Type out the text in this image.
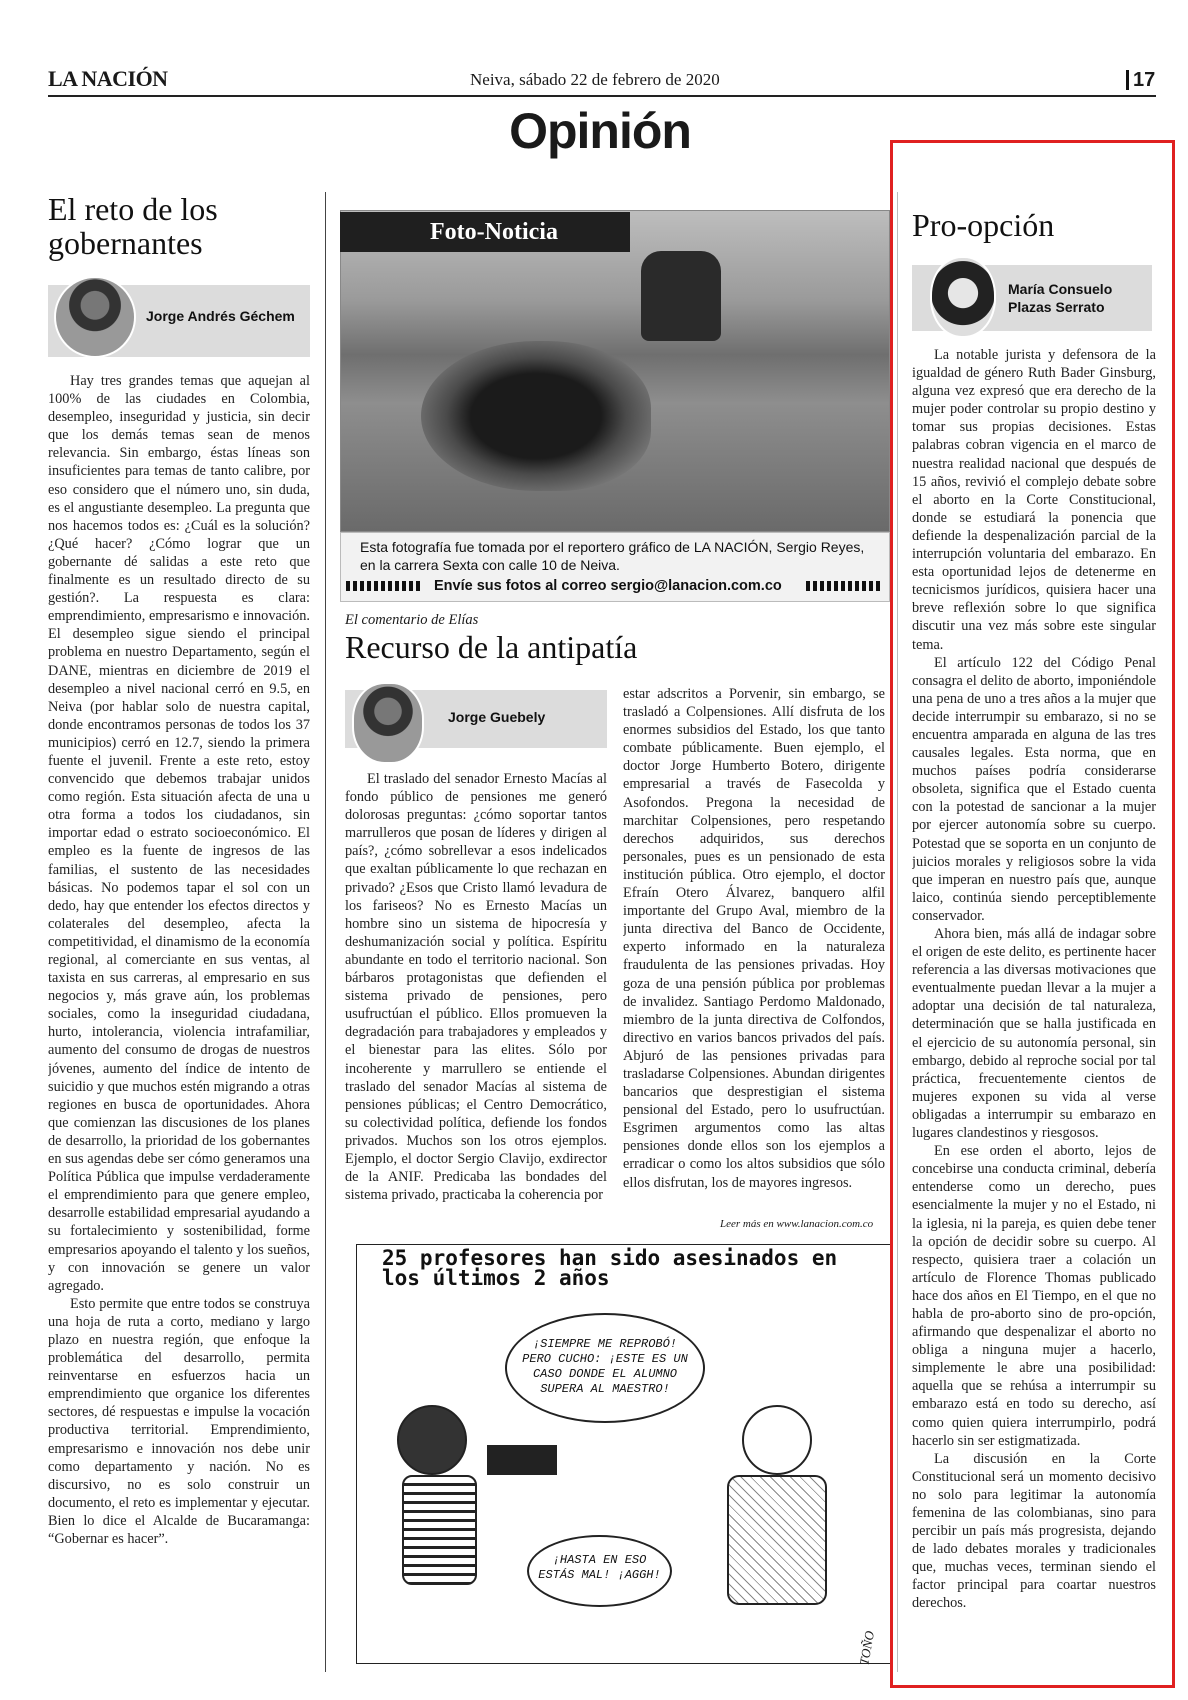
LA NACIÓN	Neiva, sábado 22 de febrero de 2020	17
Opinión
El reto de los gobernantes
Jorge Andrés Géchem

Hay tres grandes temas que aquejan al 100% de las ciudades en Colombia, desempleo, inseguridad y justicia, sin decir que los demás temas sean de menos relevancia. Sin embargo, éstas líneas son insuficientes para temas de tanto calibre, por eso considero que el número uno, sin duda, es el angustiante desempleo. La pregunta que nos hacemos todos es: ¿Cuál es la solución? ¿Qué hacer? ¿Cómo lograr que un gobernante dé salidas a este reto que finalmente es un resultado directo de su gestión?. La respuesta es clara: emprendimiento, empresarismo e innovación. El desempleo sigue siendo el principal problema en nuestro Departamento, según el DANE, mientras en diciembre de 2019 el desempleo a nivel nacional cerró en 9.5, en Neiva (por hablar solo de nuestra capital, donde encontramos personas de todos los 37 municipios) cerró en 12.7, siendo la primera fuente el juvenil. Frente a este reto, estoy convencido que debemos trabajar unidos como región. Esta situación afecta de una u otra forma a todos los ciudadanos, sin importar edad o estrato socioeconómico. El empleo es la fuente de ingresos de las familias, el sustento de las necesidades básicas. No podemos tapar el sol con un dedo, hay que entender los efectos directos y colaterales del desempleo, afecta la competitividad, el dinamismo de la economía regional, al comerciante en sus ventas, al taxista en sus carreras, al empresario en sus negocios y, más grave aún, los problemas sociales, como la inseguridad ciudadana, hurto, intolerancia, violencia intrafamiliar, aumento del consumo de drogas de nuestros jóvenes, aumento del índice de intento de suicidio y que muchos estén migrando a otras regiones en busca de oportunidades. Ahora que comienzan las discusiones de los planes de desarrollo, la prioridad de los gobernantes en sus agendas debe ser cómo generamos una Política Pública que impulse verdaderamente el emprendimiento para que genere empleo, desarrolle estabilidad empresarial ayudando a su fortalecimiento y sostenibilidad, forme empresarios apoyando el talento y los sueños, y con innovación se genere un valor agregado.

Esto permite que entre todos se construya una hoja de ruta a corto, mediano y largo plazo en nuestra región, que enfoque la problemática del desarrollo, permita reinventarse en esfuerzos hacia un emprendimiento que organice los diferentes sectores, dé respuestas e impulse la vocación productiva territorial. Emprendimiento, empresarismo e innovación nos debe unir como departamento y nación. No es discursivo, no es solo construir un documento, el reto es implementar y ejecutar. Bien lo dice el Alcalde de Bucaramanga: “Gobernar es hacer”.

Foto-Noticia
Esta fotografía fue tomada por el reportero gráfico de LA NACIÓN, Sergio Reyes, en la carrera Sexta con calle 10 de Neiva.
Envíe sus fotos al correo sergio@lanacion.com.co
El comentario de Elías
Recurso de la antipatía
Jorge Guebely
El traslado del senador Ernesto Macías al fondo público de pensiones me generó dolorosas preguntas: ¿cómo soportar tantos marrulleros que posan de líderes y dirigen al país?, ¿cómo sobrellevar a esos indelicados que exaltan públicamente lo que rechazan en privado? ¿Esos que Cristo llamó levadura de los fariseos? No es Ernesto Macías un hombre sino un sistema de hipocresía y deshumanización social y política. Espíritu abundante en todo el territorio nacional. Son bárbaros protagonistas que defienden el sistema privado de pensiones, pero usufructúan el público. Ellos promueven la degradación para trabajadores y empleados y el bienestar para las elites. Sólo por incoherente y marrullero se entiende el traslado del senador Macías al sistema de pensiones públicas; el Centro Democrático, su colectividad política, defiende los fondos privados. Muchos son los otros ejemplos. Ejemplo, el doctor Sergio Clavijo, exdirector de la ANIF. Predicaba las bondades del sistema privado, practicaba la coherencia por
estar adscritos a Porvenir, sin embargo, se trasladó a Colpensiones. Allí disfruta de los enormes subsidios del Estado, los que tanto combate públicamente. Buen ejemplo, el doctor Jorge Humberto Botero, dirigente empresarial a través de Fasecolda y Asofondos. Pregona la necesidad de marchitar Colpensiones, pero respetando derechos adquiridos, sus derechos personales, pues es un pensionado de esta institución pública. Otro ejemplo, el doctor Efraín Otero Álvarez, banquero alfil importante del Grupo Aval, miembro de la junta directiva del Banco de Occidente, experto informado en la naturaleza fraudulenta de las pensiones privadas. Hoy goza de una pensión pública por problemas de invalidez. Santiago Perdomo Maldonado, miembro de la junta directiva de Colfondos, directivo en varios bancos privados del país. Abjuró de las pensiones privadas para trasladarse Colpensiones. Abundan dirigentes bancarios que desprestigian el sistema pensional del Estado, pero lo usufructúan. Esgrimen argumentos como las altas pensiones donde ellos son los ejemplos a erradicar o como los altos subsidios que sólo ellos disfrutan, los de mayores ingresos.
Leer más en www.lanacion.com.co
¡SIEMPRE ME REPROBÓ! PERO CUCHO: ¡ESTE ES UN CASO DONDE EL ALUMNO SUPERA AL MAESTRO!
¡HASTA EN ESO ESTÁS MAL! ¡AGGH!
25 profesores han sido asesinados en los últimos 2 años
TOÑO
Pro-opción
María Consuelo Plazas Serrato

La notable jurista y defensora de la igualdad de género Ruth Bader Ginsburg, alguna vez expresó que era derecho de la mujer poder controlar su propio destino y tomar sus propias decisiones. Estas palabras cobran vigencia en el marco de nuestra realidad nacional que después de 15 años, revivió el complejo debate sobre el aborto en la Corte Constitucional, donde se estudiará la ponencia que defiende la despenalización parcial de la interrupción voluntaria del embarazo. En esta oportunidad lejos de detenerme en tecnicismos jurídicos, quisiera hacer una breve reflexión sobre lo que significa discutir una vez más sobre este singular tema.

El artículo 122 del Código Penal consagra el delito de aborto, imponiéndole una pena de uno a tres años a la mujer que decide interrumpir su embarazo, si no se encuentra amparada en alguna de las tres causales legales. Esta norma, que en muchos países podría considerarse obsoleta, significa que el Estado cuenta con la potestad de sancionar a la mujer por ejercer autonomía sobre su cuerpo. Potestad que se soporta en un conjunto de juicios morales y religiosos sobre la vida que imperan en nuestro país que, aunque laico, continúa siendo perceptiblemente conservador.

Ahora bien, más allá de indagar sobre el origen de este delito, es pertinente hacer referencia a las diversas motivaciones que eventualmente puedan llevar a la mujer a adoptar una decisión de tal naturaleza, determinación que se halla justificada en el ejercicio de su autonomía personal, sin embargo, debido al reproche social por tal práctica, frecuentemente cientos de mujeres exponen su vida al verse obligadas a interrumpir su embarazo en lugares clandestinos y riesgosos.

En ese orden el aborto, lejos de concebirse una conducta criminal, debería entenderse como un derecho, pues esencialmente la mujer y no el Estado, ni la iglesia, ni la pareja, es quien debe tener la opción de decidir sobre su cuerpo. Al respecto, quisiera traer a colación un artículo de Florence Thomas publicado hace dos años en El Tiempo, en el que no habla de pro-aborto sino de pro-opción, afirmando que despenalizar el aborto no obliga a ninguna mujer a hacerlo, simplemente le abre una posibilidad: aquella que se rehúsa a interrumpir su embarazo está en todo su derecho, así como quien quiera interrumpirlo, podrá hacerlo sin ser estigmatizada.

La discusión en la Corte Constitucional será un momento decisivo no solo para legitimar la autonomía femenina de las colombianas, sino para percibir un país más progresista, dejando de lado debates morales y tradicionales que, muchas veces, terminan siendo el factor principal para coartar nuestros derechos.
